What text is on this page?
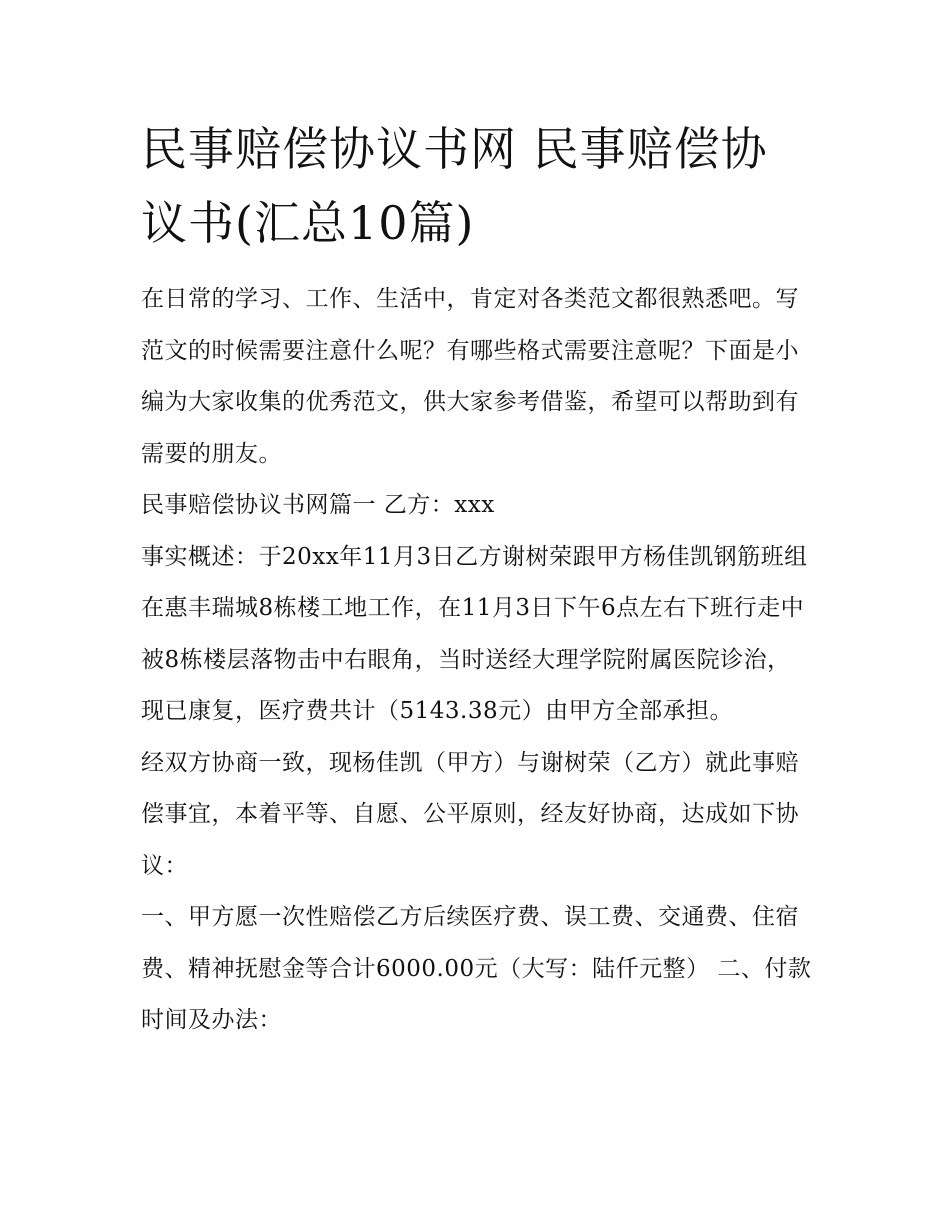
民事赔偿协议书网 民事赔偿协议书(汇总10篇)

在日常的学习、工作、生活中，肯定对各类范文都很熟悉吧。写范文的时候需要注意什么呢？有哪些格式需要注意呢？下面是小编为大家收集的优秀范文，供大家参考借鉴，希望可以帮助到有需要的朋友。

民事赔偿协议书网篇一 乙方：xxx

事实概述：于20xx年11月3日乙方谢树荣跟甲方杨佳凯钢筋班组在惠丰瑞城8栋楼工地工作，在11月3日下午6点左右下班行走中被8栋楼层落物击中右眼角，当时送经大理学院附属医院诊治，现已康复，医疗费共计（5143.38元）由甲方全部承担。

经双方协商一致，现杨佳凯（甲方）与谢树荣（乙方）就此事赔偿事宜，本着平等、自愿、公平原则，经友好协商，达成如下协议：

一、甲方愿一次性赔偿乙方后续医疗费、误工费、交通费、住宿费、精神抚慰金等合计6000.00元（大写：陆仟元整） 二、付款时间及办法：
